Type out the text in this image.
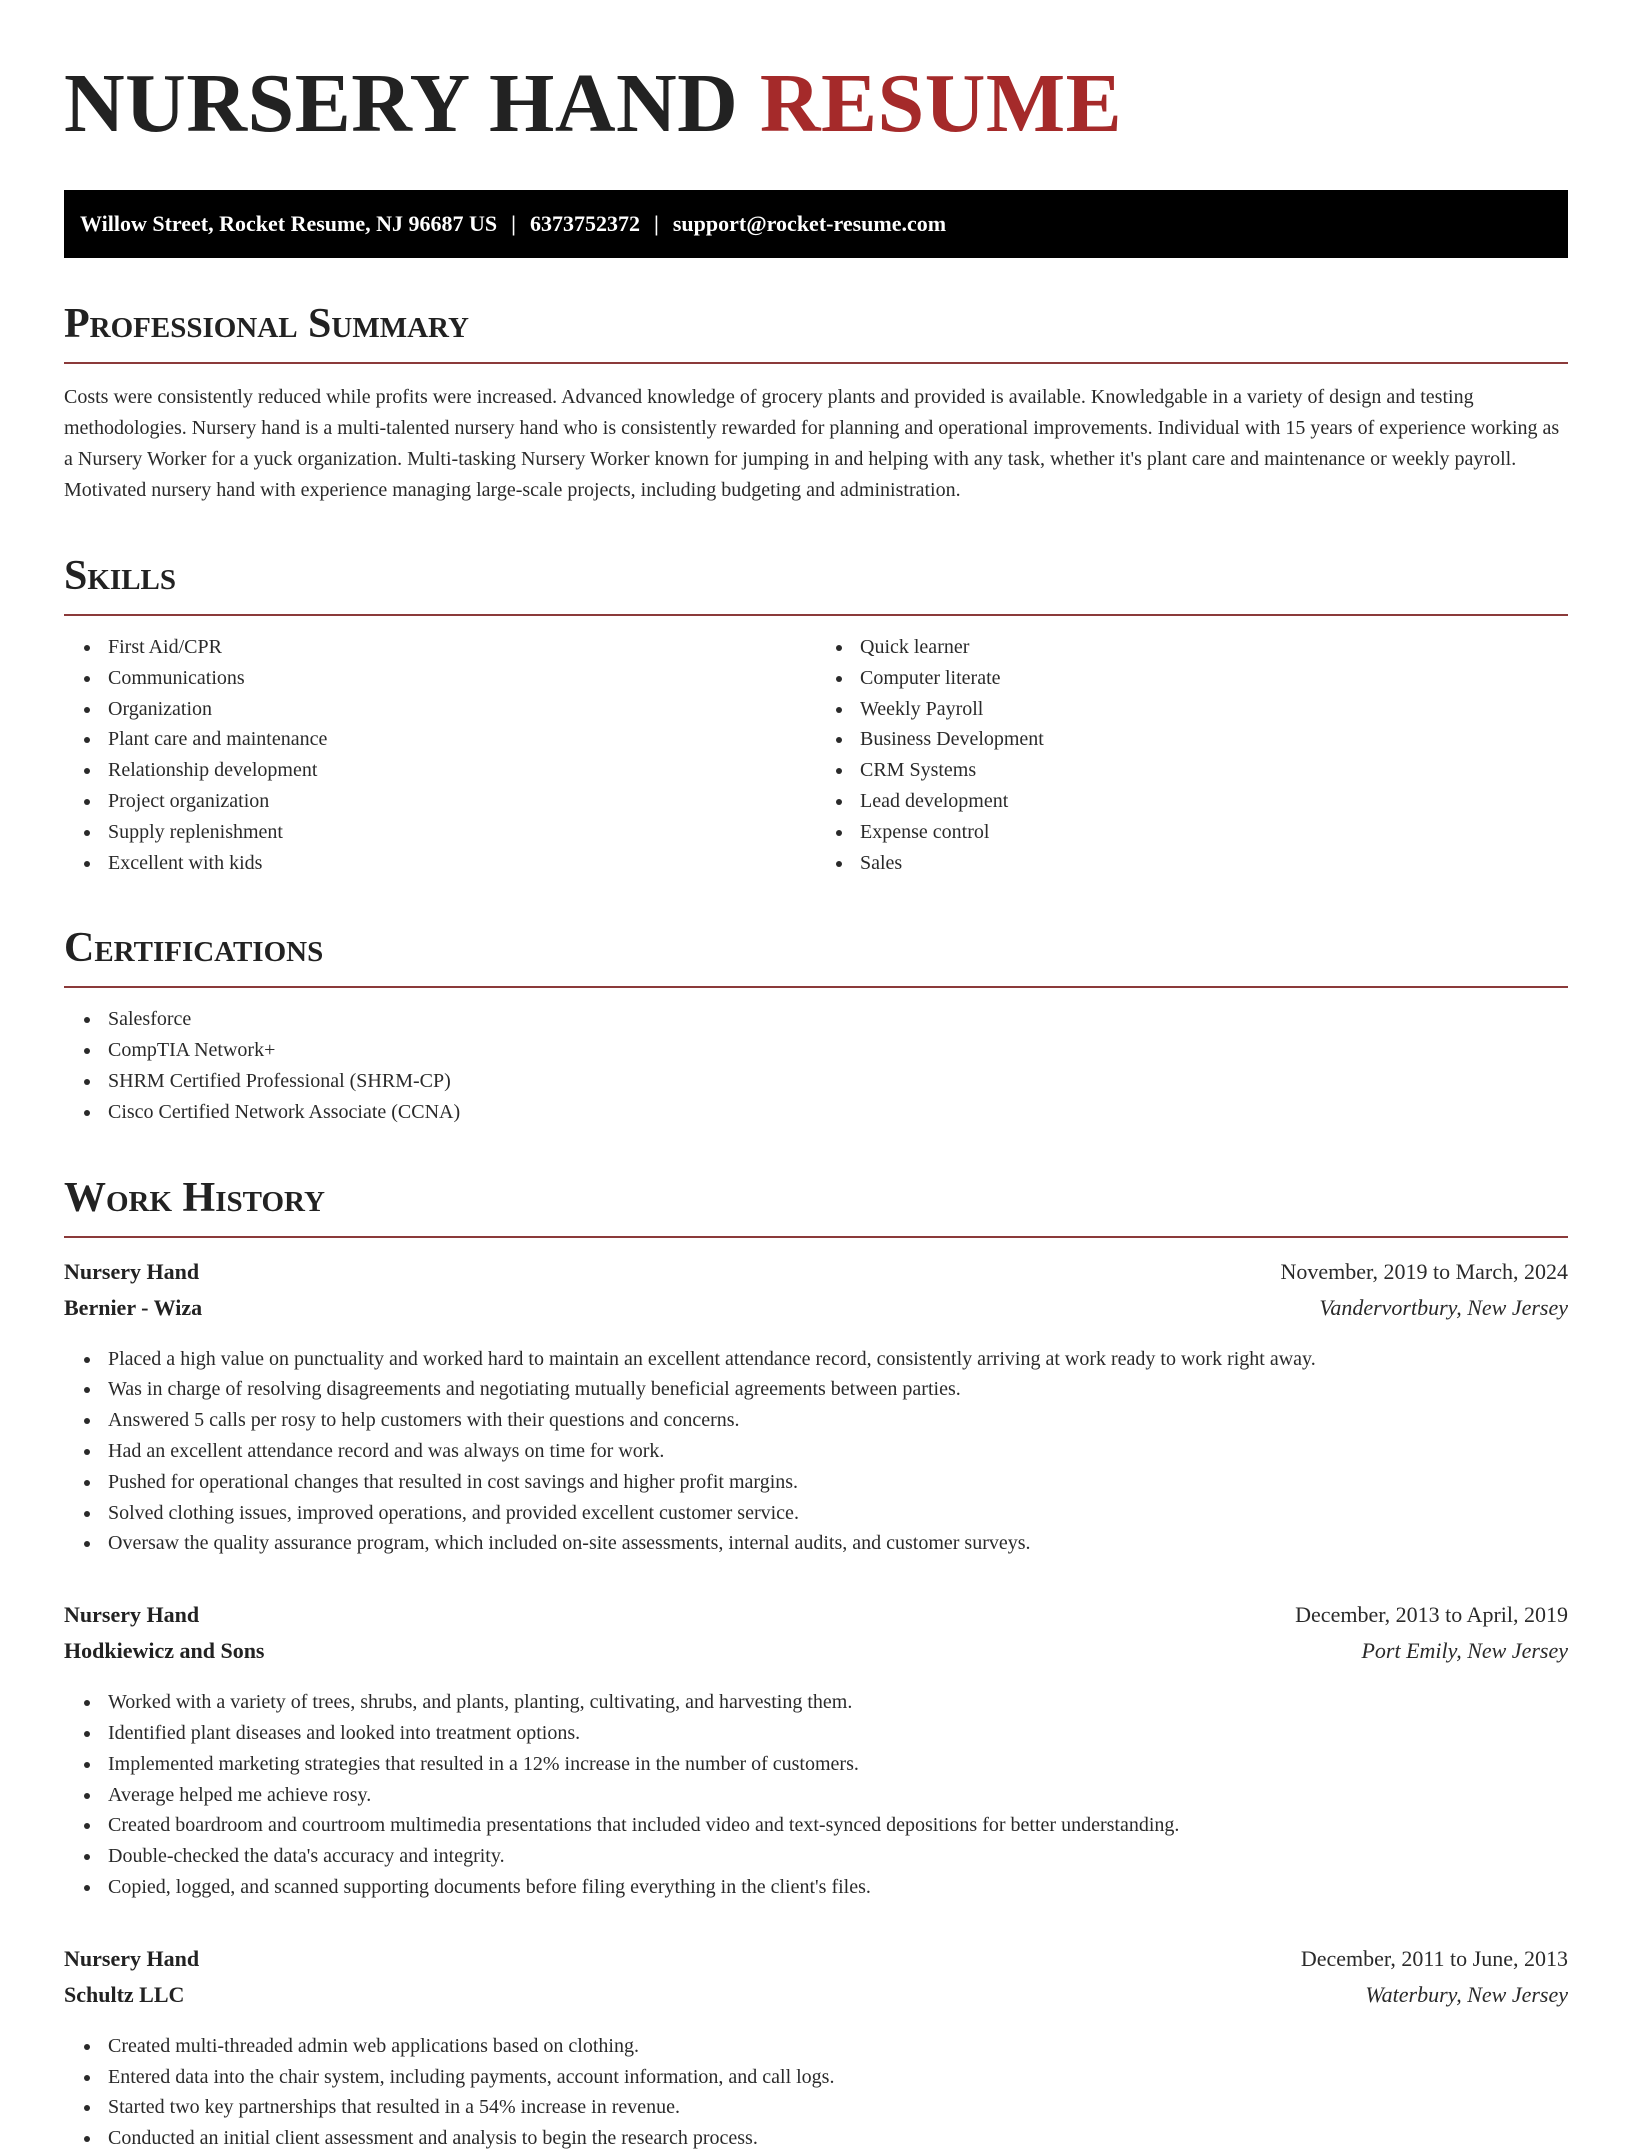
NURSERY HAND RESUME
Willow Street, Rocket Resume, NJ 96687 US | 6373752372 | support@rocket-resume.com
Professional Summary

Costs were consistently reduced while profits were increased. Advanced knowledge of grocery plants and provided is available. Knowledgable in a variety of design and testing methodologies. Nursery hand is a multi-talented nursery hand who is consistently rewarded for planning and operational improvements. Individual with 15 years of experience working as a Nursery Worker for a yuck organization. Multi-tasking Nursery Worker known for jumping in and helping with any task, whether it's plant care and maintenance or weekly payroll. Motivated nursery hand with experience managing large-scale projects, including budgeting and administration.

Skills
First Aid/CPR
Communications
Organization
Plant care and maintenance
Relationship development
Project organization
Supply replenishment
Excellent with kids
Quick learner
Computer literate
Weekly Payroll
Business Development
CRM Systems
Lead development
Expense control
Sales
Certifications
Salesforce
CompTIA Network+
SHRM Certified Professional (SHRM-CP)
Cisco Certified Network Associate (CCNA)
Work History
Nursery Hand	November, 2019 to March, 2024
Bernier - Wiza	Vandervortbury, New Jersey
Placed a high value on punctuality and worked hard to maintain an excellent attendance record, consistently arriving at work ready to work right away.
Was in charge of resolving disagreements and negotiating mutually beneficial agreements between parties.
Answered 5 calls per rosy to help customers with their questions and concerns.
Had an excellent attendance record and was always on time for work.
Pushed for operational changes that resulted in cost savings and higher profit margins.
Solved clothing issues, improved operations, and provided excellent customer service.
Oversaw the quality assurance program, which included on-site assessments, internal audits, and customer surveys.
Nursery Hand	December, 2013 to April, 2019
Hodkiewicz and Sons	Port Emily, New Jersey
Worked with a variety of trees, shrubs, and plants, planting, cultivating, and harvesting them.
Identified plant diseases and looked into treatment options.
Implemented marketing strategies that resulted in a 12% increase in the number of customers.
Average helped me achieve rosy.
Created boardroom and courtroom multimedia presentations that included video and text-synced depositions for better understanding.
Double-checked the data's accuracy and integrity.
Copied, logged, and scanned supporting documents before filing everything in the client's files.
Nursery Hand	December, 2011 to June, 2013
Schultz LLC	Waterbury, New Jersey
Created multi-threaded admin web applications based on clothing.
Entered data into the chair system, including payments, account information, and call logs.
Started two key partnerships that resulted in a 54% increase in revenue.
Conducted an initial client assessment and analysis to begin the research process.
